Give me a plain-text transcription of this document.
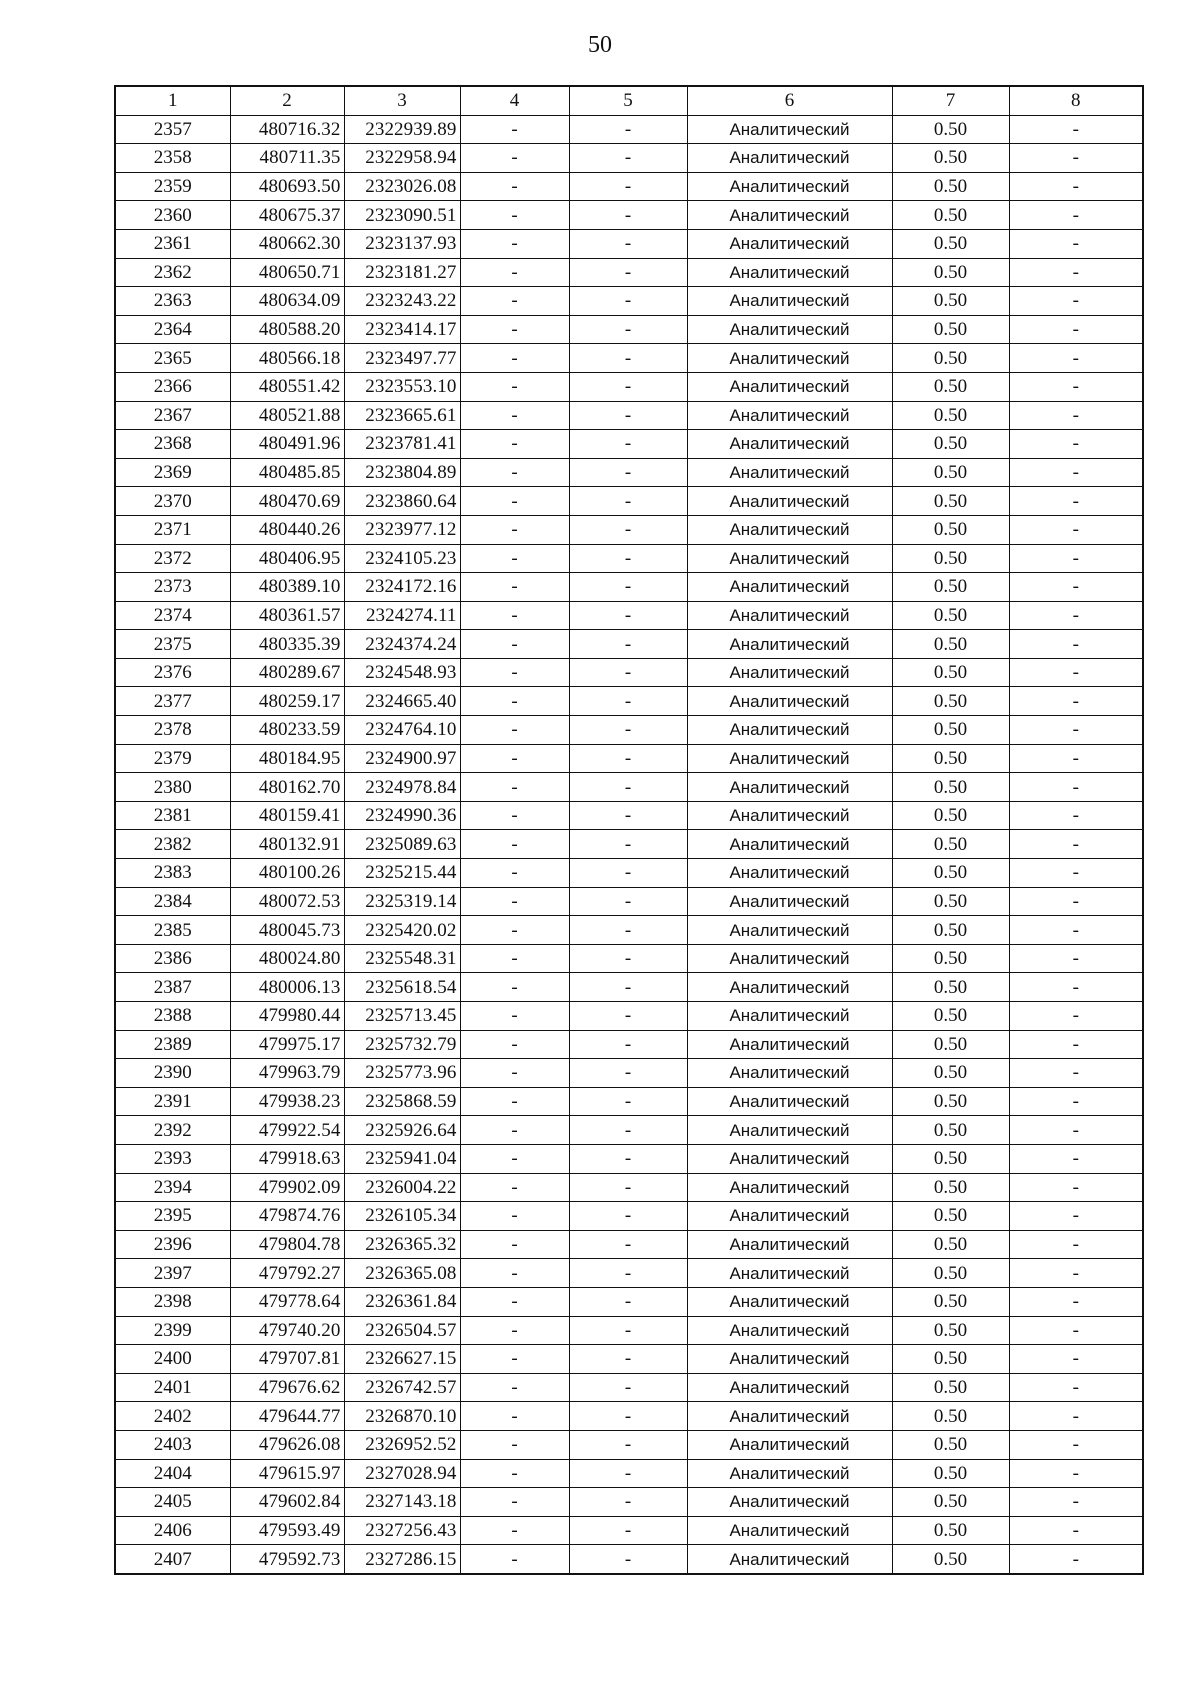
50
1	2	3	4	5	6	7	8
2357	480716.32	2322939.89	-	-	Аналитический	0.50	-
2358	480711.35	2322958.94	-	-	Аналитический	0.50	-
2359	480693.50	2323026.08	-	-	Аналитический	0.50	-
2360	480675.37	2323090.51	-	-	Аналитический	0.50	-
2361	480662.30	2323137.93	-	-	Аналитический	0.50	-
2362	480650.71	2323181.27	-	-	Аналитический	0.50	-
2363	480634.09	2323243.22	-	-	Аналитический	0.50	-
2364	480588.20	2323414.17	-	-	Аналитический	0.50	-
2365	480566.18	2323497.77	-	-	Аналитический	0.50	-
2366	480551.42	2323553.10	-	-	Аналитический	0.50	-
2367	480521.88	2323665.61	-	-	Аналитический	0.50	-
2368	480491.96	2323781.41	-	-	Аналитический	0.50	-
2369	480485.85	2323804.89	-	-	Аналитический	0.50	-
2370	480470.69	2323860.64	-	-	Аналитический	0.50	-
2371	480440.26	2323977.12	-	-	Аналитический	0.50	-
2372	480406.95	2324105.23	-	-	Аналитический	0.50	-
2373	480389.10	2324172.16	-	-	Аналитический	0.50	-
2374	480361.57	2324274.11	-	-	Аналитический	0.50	-
2375	480335.39	2324374.24	-	-	Аналитический	0.50	-
2376	480289.67	2324548.93	-	-	Аналитический	0.50	-
2377	480259.17	2324665.40	-	-	Аналитический	0.50	-
2378	480233.59	2324764.10	-	-	Аналитический	0.50	-
2379	480184.95	2324900.97	-	-	Аналитический	0.50	-
2380	480162.70	2324978.84	-	-	Аналитический	0.50	-
2381	480159.41	2324990.36	-	-	Аналитический	0.50	-
2382	480132.91	2325089.63	-	-	Аналитический	0.50	-
2383	480100.26	2325215.44	-	-	Аналитический	0.50	-
2384	480072.53	2325319.14	-	-	Аналитический	0.50	-
2385	480045.73	2325420.02	-	-	Аналитический	0.50	-
2386	480024.80	2325548.31	-	-	Аналитический	0.50	-
2387	480006.13	2325618.54	-	-	Аналитический	0.50	-
2388	479980.44	2325713.45	-	-	Аналитический	0.50	-
2389	479975.17	2325732.79	-	-	Аналитический	0.50	-
2390	479963.79	2325773.96	-	-	Аналитический	0.50	-
2391	479938.23	2325868.59	-	-	Аналитический	0.50	-
2392	479922.54	2325926.64	-	-	Аналитический	0.50	-
2393	479918.63	2325941.04	-	-	Аналитический	0.50	-
2394	479902.09	2326004.22	-	-	Аналитический	0.50	-
2395	479874.76	2326105.34	-	-	Аналитический	0.50	-
2396	479804.78	2326365.32	-	-	Аналитический	0.50	-
2397	479792.27	2326365.08	-	-	Аналитический	0.50	-
2398	479778.64	2326361.84	-	-	Аналитический	0.50	-
2399	479740.20	2326504.57	-	-	Аналитический	0.50	-
2400	479707.81	2326627.15	-	-	Аналитический	0.50	-
2401	479676.62	2326742.57	-	-	Аналитический	0.50	-
2402	479644.77	2326870.10	-	-	Аналитический	0.50	-
2403	479626.08	2326952.52	-	-	Аналитический	0.50	-
2404	479615.97	2327028.94	-	-	Аналитический	0.50	-
2405	479602.84	2327143.18	-	-	Аналитический	0.50	-
2406	479593.49	2327256.43	-	-	Аналитический	0.50	-
2407	479592.73	2327286.15	-	-	Аналитический	0.50	-
